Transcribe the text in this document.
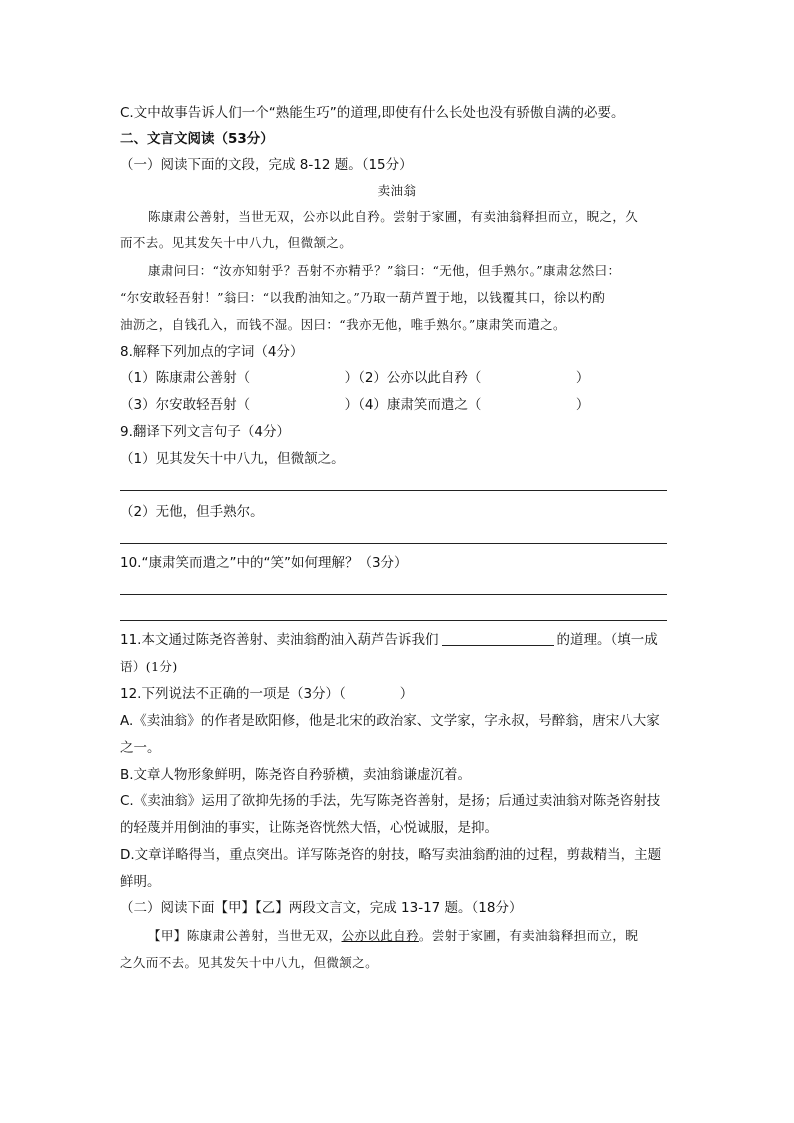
C.文中故事告诉人们一个“熟能生巧”的道理,即使有什么长处也没有骄傲自满的必要。
二、文言文阅读（53分）
（一）阅读下面的文段，完成 8-12 题。（15分）
卖油翁
陈康肃公善射，当世无双，公亦以此自矜。尝射于家圃，有卖油翁释担而立，睨之，久
而不去。见其发矢十中八九，但微颔之。
康肃问曰：“汝亦知射乎？吾射不亦精乎？”翁曰：“无他，但手熟尔。”康肃忿然曰：
“尔安敢轻吾射！”翁曰：“以我酌油知之。”乃取一葫芦置于地，以钱覆其口，徐以杓酌
油沥之，自钱孔入，而钱不湿。因曰：“我亦无他，唯手熟尔。”康肃笑而遣之。
8.解释下列加点的字词（4分）
（1）陈康肃公善射（　　　　　　　）（2）公亦以此自矜（　　　　　　　）
（3）尔安敢轻吾射（　　　　　　　）（4）康肃笑而遣之（　　　　　　　）
9.翻译下列文言句子（4分）
（1）见其发矢十中八九，但微颔之。
（2）无他，但手熟尔。
10.“康肃笑而遣之”中的“笑”如何理解？（3分）
11.本文通过陈尧咨善射、卖油翁酌油入葫芦告诉我们	的道理。（填一成
语）(1分)
12.下列说法不正确的一项是（3分）（　　　　）
A.《卖油翁》的作者是欧阳修，他是北宋的政治家、文学家，字永叔，号醉翁，唐宋八大家
之一。
B.文章人物形象鲜明，陈尧咨自矜骄横，卖油翁谦虚沉着。
C.《卖油翁》运用了欲抑先扬的手法，先写陈尧咨善射，是扬；后通过卖油翁对陈尧咨射技
的轻蔑并用倒油的事实，让陈尧咨恍然大悟，心悦诚服，是抑。
D.文章详略得当，重点突出。详写陈尧咨的射技，略写卖油翁酌油的过程，剪裁精当，主题
鲜明。
（二）阅读下面【甲】【乙】两段文言文，完成 13-17 题。（18分）
【甲】陈康肃公善射，当世无双，公亦以此自矜。尝射于家圃，有卖油翁释担而立，睨
之久而不去。见其发矢十中八九，但微颔之。
